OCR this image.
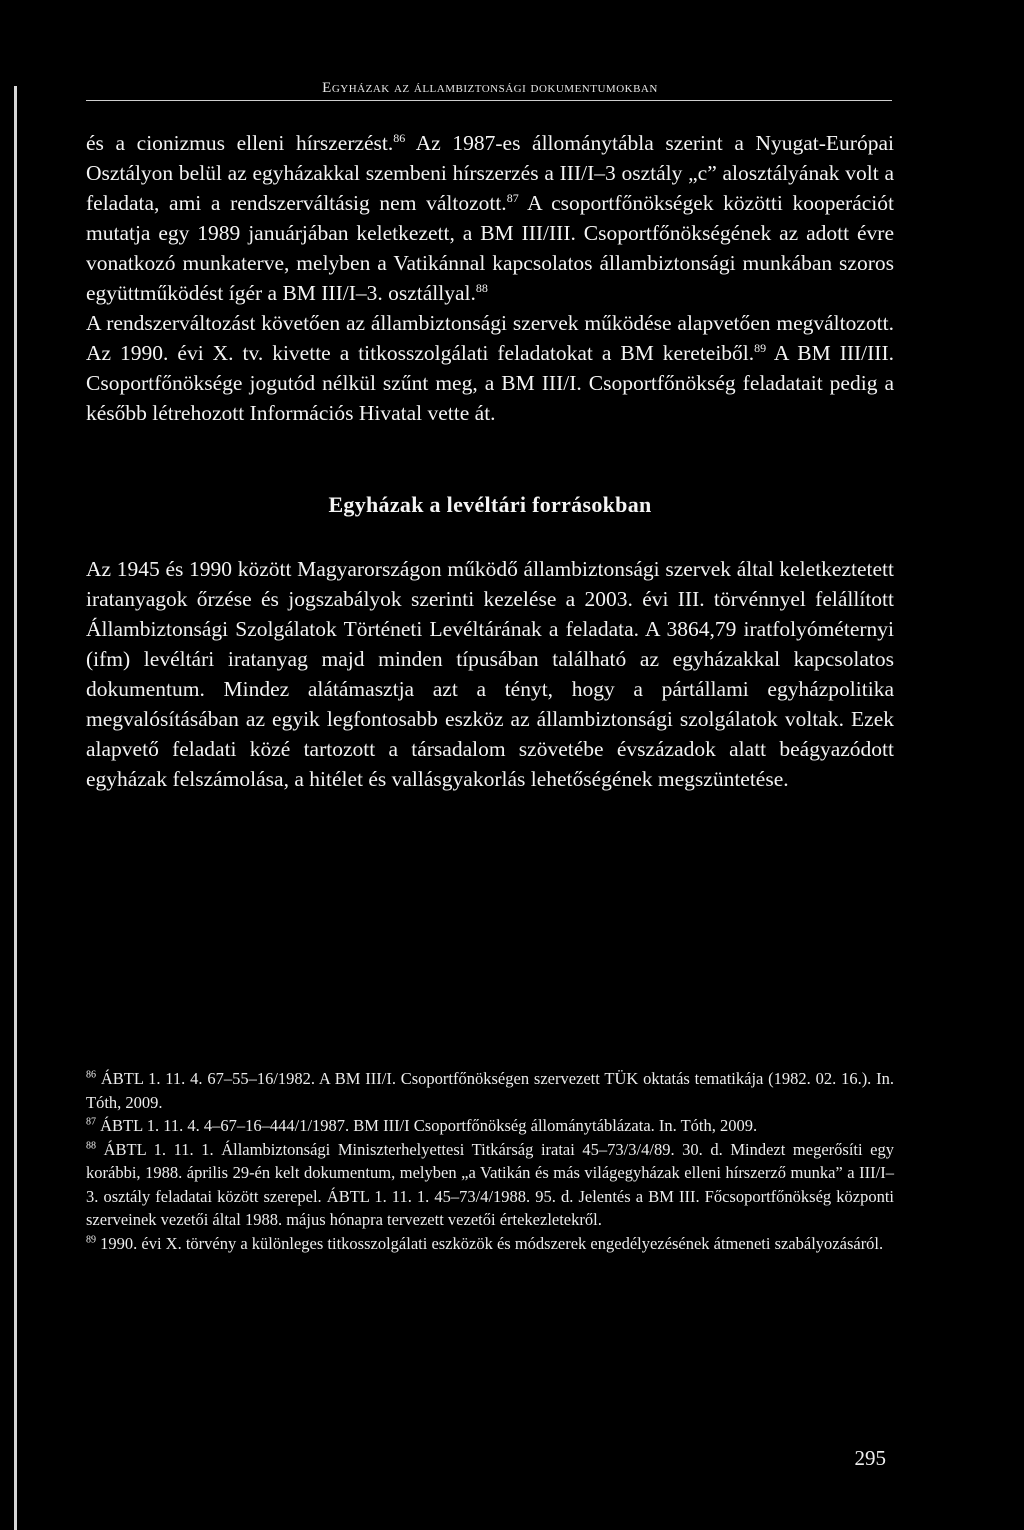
Egyházak az állambiztonsági dokumentumokban

és a cionizmus elleni hírszerzést.$^{86}$ Az 1987-es állománytábla szerint a Nyugat-Európai Osztályon belül az egyházakkal szembeni hírszerzés a III/I–3 osztály „c” alosztályának volt a feladata, ami a rendszerváltásig nem változott.$^{87}$ A csoportfőnökségek közötti kooperációt mutatja egy 1989 januárjában keletkezett, a BM III/III. Csoportfőnökségének az adott évre vonatkozó munkaterve, melyben a Vatikánnal kapcsolatos állambiztonsági munkában szoros együttműködést ígér a BM III/I–3. osztállyal.$^{88}$

A rendszerváltozást követően az állambiztonsági szervek működése alapvetően megváltozott. Az 1990. évi X. tv. kivette a titkosszolgálati feladatokat a BM kereteiből.$^{89}$ A BM III/III. Csoportfőnöksége jogutód nélkül szűnt meg, a BM III/I. Csoportfőnökség feladatait pedig a később létrehozott Információs Hivatal vette át.

Egyházak a levéltári forrásokban

Az 1945 és 1990 között Magyarországon működő állambiztonsági szervek által keletkeztetett iratanyagok őrzése és jogszabályok szerinti kezelése a 2003. évi III. törvénnyel felállított Állambiztonsági Szolgálatok Történeti Levéltárának a feladata. A 3864,79 iratfolyóméternyi (ifm) levéltári iratanyag majd minden típusában található az egyházakkal kapcsolatos dokumentum. Mindez alátámasztja azt a tényt, hogy a pártállami egyházpolitika megvalósításában az egyik legfontosabb eszköz az állambiztonsági szolgálatok voltak. Ezek alapvető feladati közé tartozott a társadalom szövetébe évszázadok alatt beágyazódott egyházak felszámolása, a hitélet és vallásgyakorlás lehetőségének megszüntetése.

$^{86}$ ÁBTL 1. 11. 4. 67–55–16/1982. A BM III/I. Csoportfőnökségen szervezett TÜK oktatás tematikája (1982. 02. 16.). In. Tóth, 2009.

$^{87}$ ÁBTL 1. 11. 4. 4–67–16–444/1/1987. BM III/I Csoportfőnökség állománytáblázata. In. Tóth, 2009.

$^{88}$ ÁBTL 1. 11. 1. Állambiztonsági Miniszterhelyettesi Titkárság iratai 45–73/3/4/89. 30. d. Mindezt megerősíti egy korábbi, 1988. április 29-én kelt dokumentum, melyben „a Vatikán és más világegyházak elleni hírszerző munka” a III/I–3. osztály feladatai között szerepel. ÁBTL 1. 11. 1. 45–73/4/1988. 95. d. Jelentés a BM III. Főcsoportfőnökség központi szerveinek vezetői által 1988. május hónapra tervezett vezetői értekezletekről.

$^{89}$ 1990. évi X. törvény a különleges titkosszolgálati eszközök és módszerek engedélyezésének átmeneti szabályozásáról.

295
